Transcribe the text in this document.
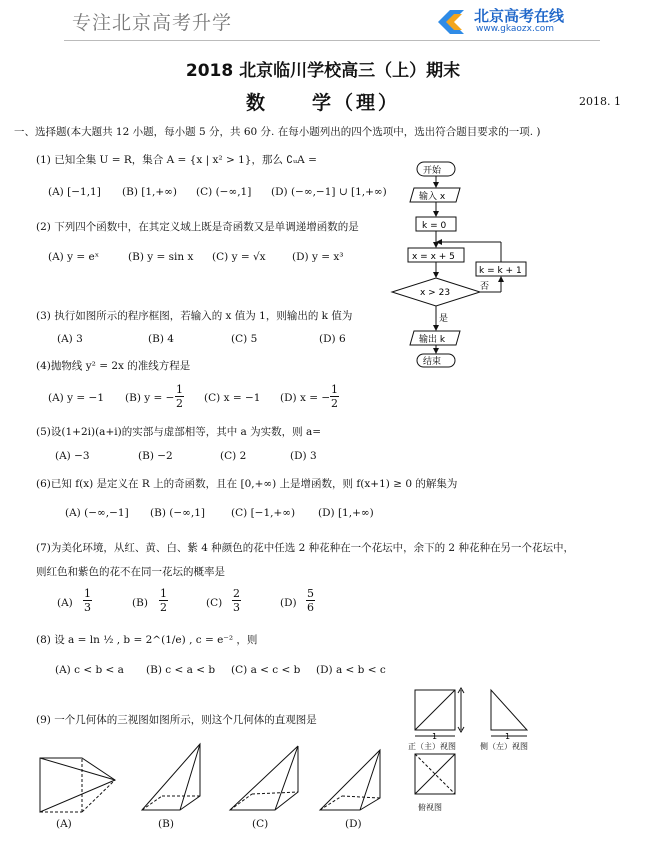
专注北京高考升学	北京高考在线
www.gkaozx.com
2018 北京临川学校高三（上）期末
数　　学（理）	2018. 1
一、选择题(本大题共 12 小题，每小题 5 分，共 60 分. 在每小题列出的四个选项中，选出符合题目要求的一项. )
(1) 已知全集 U = R，集合 A = {x | x² > 1}，那么 ∁ᵤA =
(A) [−1,1] (B) [1,+∞) (C) (−∞,1] (D) (−∞,−1] ∪ [1,+∞)
(2) 下列四个函数中，在其定义域上既是奇函数又是单调递增函数的是
(A) y = eˣ	(B) y = sin x (C) y = √x	(D) y = x³
(3) 执行如图所示的程序框图，若输入的 x 值为 1，则输出的 k 值为
(A) 3	(B) 4	(C) 5	(D) 6
(4)抛物线 y² = 2x 的准线方程是
(A) y = −1 (B) y = − $\frac{1}{2} (C) x = -1$ (D) x = − $\frac{1}{2}$
(5)设(1+2i)(a+i)的实部与虚部相等，其中 a 为实数，则 a=
(A) −3	(B) −2	(C) 2	(D) 3
(6)已知 f(x) 是定义在 R 上的奇函数，且在 [0,+∞) 上是增函数，则 f(x+1) ≥ 0 的解集为
(A) (−∞,−1] (B) (−∞,1] (C) [−1,+∞) (D) [1,+∞)
(7)为美化环境，从红、黄、白、紫 4 种颜色的花中任选 2 种花种在一个花坛中，余下的 2 种花种在另一个花坛中，
则红色和紫色的花不在同一花坛的概率是
$(A) \frac{1}{3}$	$(B) \frac{1}{2}$	$(C) \frac{2}{3}$	$(D) \frac{5}{6}$
(8) 设 a = ln ½ , b = 2^(1/e) , c = e⁻² ，则
(A) c < b < a (B) c < a < b (C) a < c < b (D) a < b < c
(9) 一个几何体的三视图如图所示，则这个几何体的直观图是
开始
输入 x
k = 0
x = x + 5
x > 23
k = k + 1
否
是
输出 k
结束
1	1
正（主）视图	侧（左）视图
俯视图
(A)	(B)	(C)	(D)
